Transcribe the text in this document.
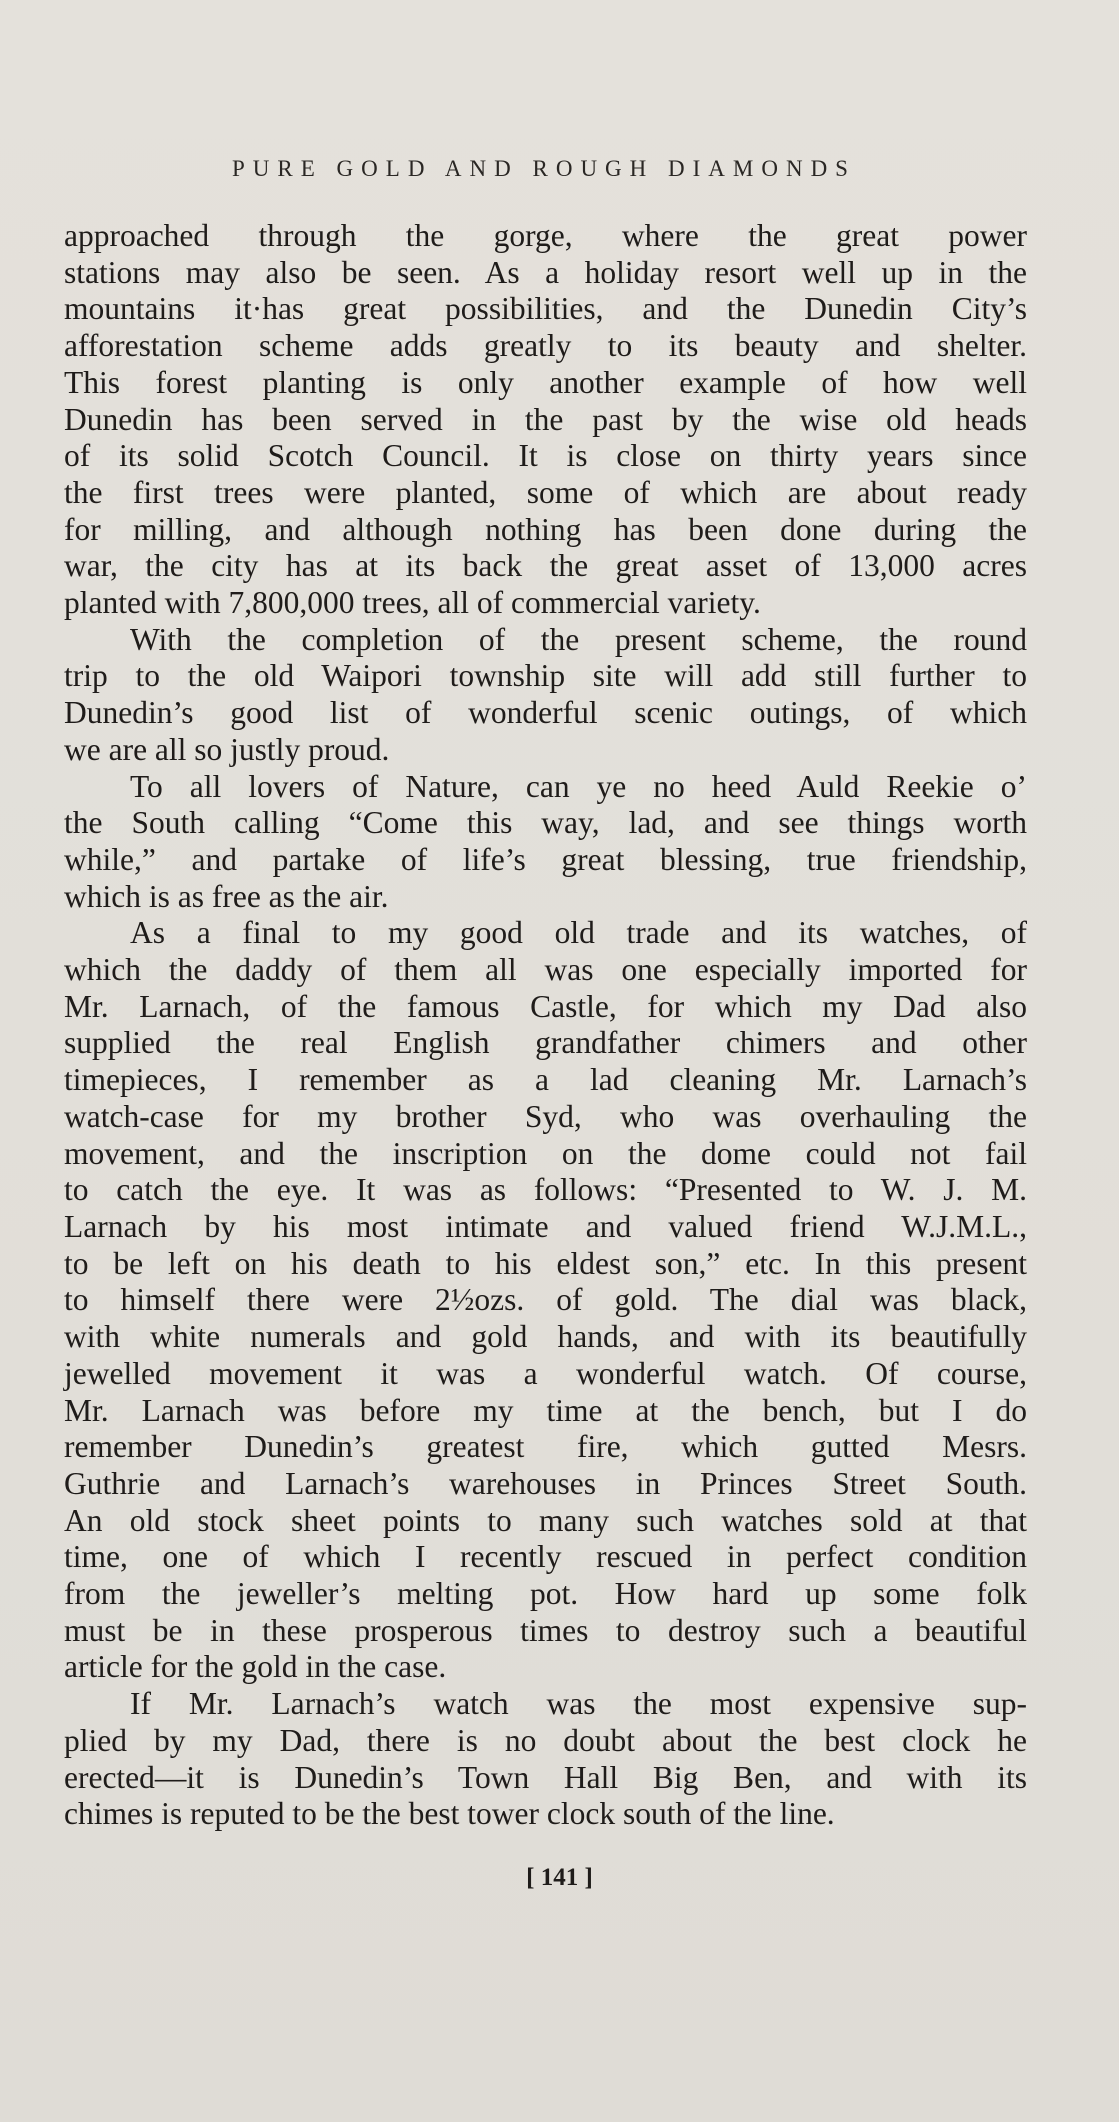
PURE GOLD AND ROUGH DIAMONDS
approached through the gorge, where the great power
stations may also be seen. As a holiday resort well up in the
mountains it·has great possibilities, and the Dunedin City’s
afforestation scheme adds greatly to its beauty and shelter.
This forest planting is only another example of how well
Dunedin has been served in the past by the wise old heads
of its solid Scotch Council. It is close on thirty years since
the first trees were planted, some of which are about ready
for milling, and although nothing has been done during the
war, the city has at its back the great asset of 13,000 acres
planted with 7,800,000 trees, all of commercial variety.
With the completion of the present scheme, the round
trip to the old Waipori township site will add still further to
Dunedin’s good list of wonderful scenic outings, of which
we are all so justly proud.
To all lovers of Nature, can ye no heed Auld Reekie o’
the South calling “Come this way, lad, and see things worth
while,” and partake of life’s great blessing, true friendship,
which is as free as the air.
As a final to my good old trade and its watches, of
which the daddy of them all was one especially imported for
Mr. Larnach, of the famous Castle, for which my Dad also
supplied the real English grandfather chimers and other
timepieces, I remember as a lad cleaning Mr. Larnach’s
watch-case for my brother Syd, who was overhauling the
movement, and the inscription on the dome could not fail
to catch the eye. It was as follows: “Presented to W. J. M.
Larnach by his most intimate and valued friend W.J.M.L.,
to be left on his death to his eldest son,” etc. In this present
to himself there were 2½ozs. of gold. The dial was black,
with white numerals and gold hands, and with its beautifully
jewelled movement it was a wonderful watch. Of course,
Mr. Larnach was before my time at the bench, but I do
remember Dunedin’s greatest fire, which gutted Mesrs.
Guthrie and Larnach’s warehouses in Princes Street South.
An old stock sheet points to many such watches sold at that
time, one of which I recently rescued in perfect condition
from the jeweller’s melting pot. How hard up some folk
must be in these prosperous times to destroy such a beautiful
article for the gold in the case.
If Mr. Larnach’s watch was the most expensive sup-
plied by my Dad, there is no doubt about the best clock he
erected—it is Dunedin’s Town Hall Big Ben, and with its
chimes is reputed to be the best tower clock south of the line.
[ 141 ]
